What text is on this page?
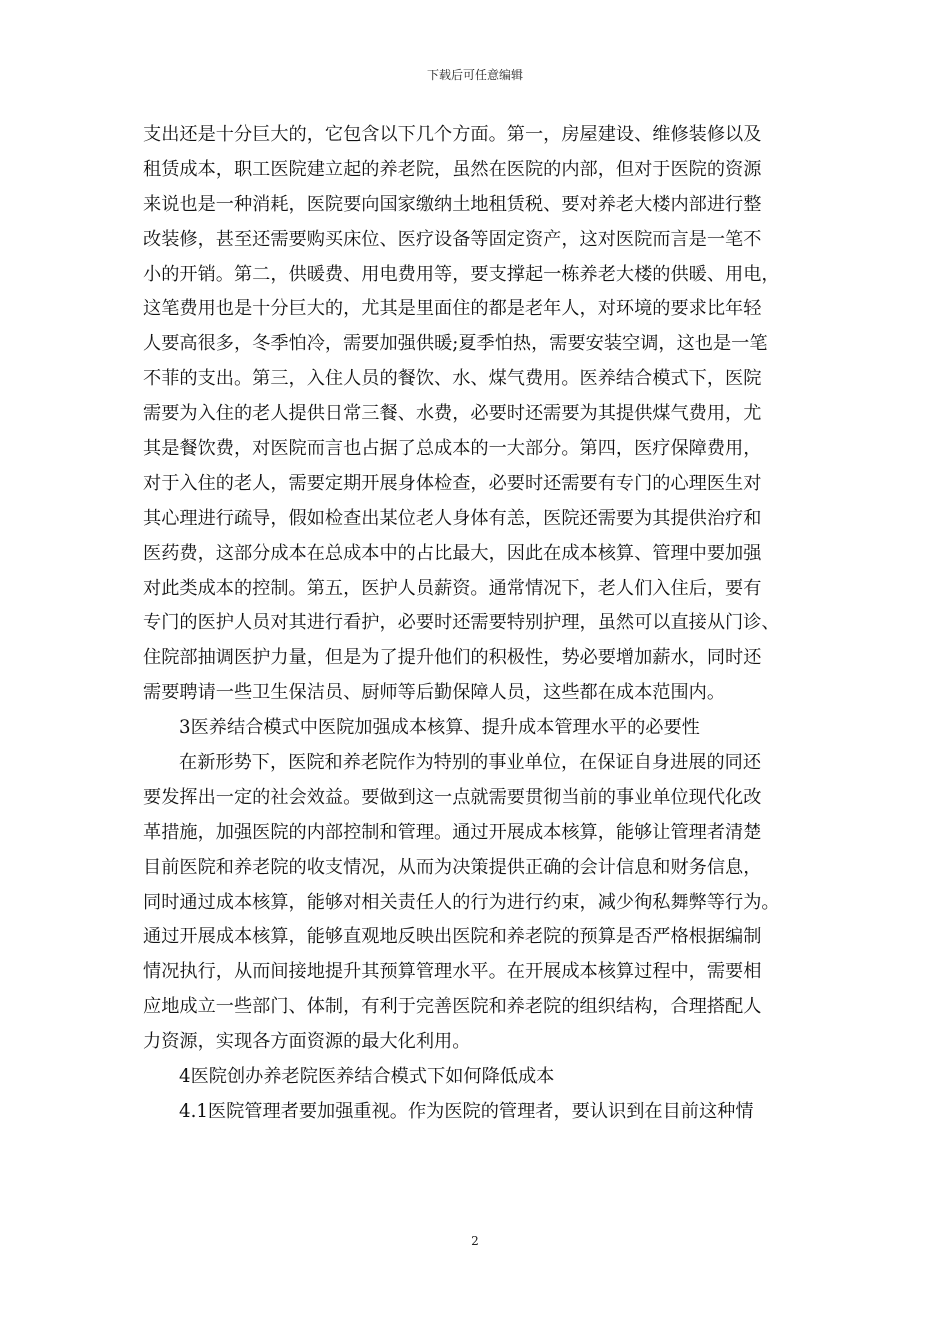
下载后可任意编辑
支出还是十分巨大的，它包含以下几个方面。第一，房屋建设、维修装修以及
租赁成本，职工医院建立起的养老院，虽然在医院的内部，但对于医院的资源
来说也是一种消耗，医院要向国家缴纳土地租赁税、要对养老大楼内部进行整
改装修，甚至还需要购买床位、医疗设备等固定资产，这对医院而言是一笔不
小的开销。第二，供暖费、用电费用等，要支撑起一栋养老大楼的供暖、用电，
这笔费用也是十分巨大的，尤其是里面住的都是老年人，对环境的要求比年轻
人要高很多，冬季怕冷，需要加强供暖;夏季怕热，需要安装空调，这也是一笔
不菲的支出。第三，入住人员的餐饮、水、煤气费用。医养结合模式下，医院
需要为入住的老人提供日常三餐、水费，必要时还需要为其提供煤气费用，尤
其是餐饮费，对医院而言也占据了总成本的一大部分。第四，医疗保障费用，
对于入住的老人，需要定期开展身体检查，必要时还需要有专门的心理医生对
其心理进行疏导，假如检查出某位老人身体有恙，医院还需要为其提供治疗和
医药费，这部分成本在总成本中的占比最大，因此在成本核算、管理中要加强
对此类成本的控制。第五，医护人员薪资。通常情况下，老人们入住后，要有
专门的医护人员对其进行看护，必要时还需要特别护理，虽然可以直接从门诊、
住院部抽调医护力量，但是为了提升他们的积极性，势必要增加薪水，同时还
需要聘请一些卫生保洁员、厨师等后勤保障人员，这些都在成本范围内。
3医养结合模式中医院加强成本核算、提升成本管理水平的必要性
在新形势下，医院和养老院作为特别的事业单位，在保证自身进展的同还
要发挥出一定的社会效益。要做到这一点就需要贯彻当前的事业单位现代化改
革措施，加强医院的内部控制和管理。通过开展成本核算，能够让管理者清楚
目前医院和养老院的收支情况，从而为决策提供正确的会计信息和财务信息，
同时通过成本核算，能够对相关责任人的行为进行约束，减少徇私舞弊等行为。
通过开展成本核算，能够直观地反映出医院和养老院的预算是否严格根据编制
情况执行，从而间接地提升其预算管理水平。在开展成本核算过程中，需要相
应地成立一些部门、体制，有利于完善医院和养老院的组织结构，合理搭配人
力资源，实现各方面资源的最大化利用。
4医院创办养老院医养结合模式下如何降低成本
4.1医院管理者要加强重视。作为医院的管理者，要认识到在目前这种情
2
